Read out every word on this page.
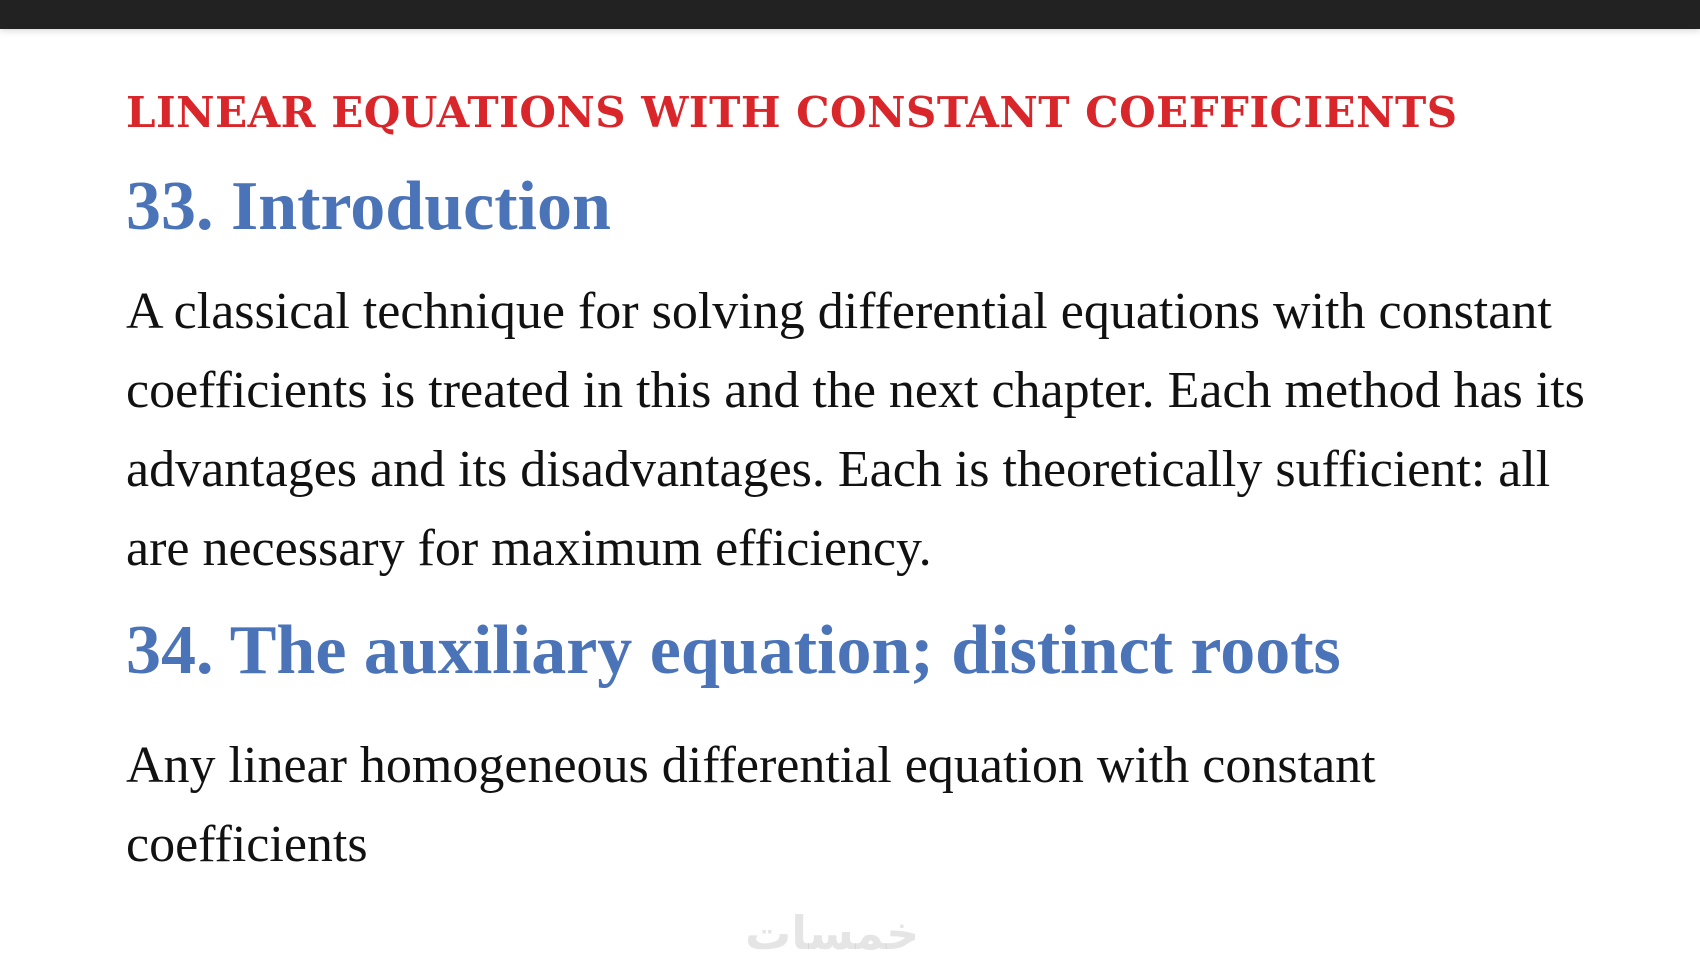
LINEAR EQUATIONS WITH CONSTANT COEFFICIENTS
33. Introduction

A classical technique for solving differential equations with constant coefficients is treated in this and the next chapter. Each method has its advantages and its disadvantages. Each is theoretically sufficient: all are necessary for maximum efficiency.

34. The auxiliary equation; distinct roots

Any linear homogeneous differential equation with constant coefficients

خمسات
